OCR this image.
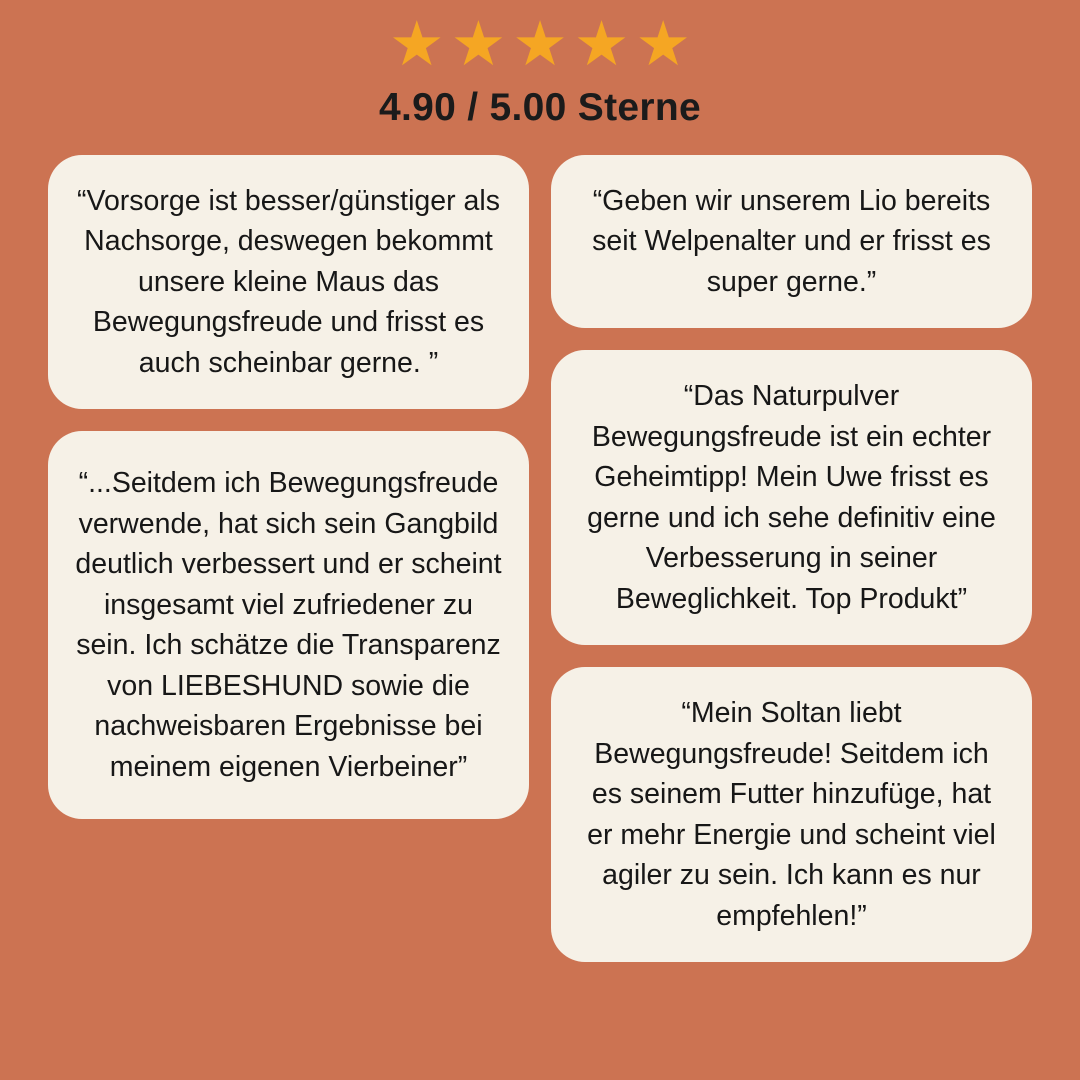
★ ★ ★ ★ ★
4.90 / 5.00 Sterne

“Vorsorge ist besser/günstiger als Nachsorge, deswegen bekommt unsere kleine Maus das Bewegungsfreude und frisst es auch scheinbar gerne. ”

“...Seitdem ich Bewegungsfreude verwende, hat sich sein Gangbild deutlich verbessert und er scheint insgesamt viel zufriedener zu sein. Ich schätze die Transparenz von LIEBESHUND sowie die nachweisbaren Ergebnisse bei meinem eigenen Vierbeiner”

“Geben wir unserem Lio bereits seit Welpenalter und er frisst es super gerne.”

“Das Naturpulver Bewegungsfreude ist ein echter Geheimtipp! Mein Uwe frisst es gerne und ich sehe definitiv eine Verbesserung in seiner Beweglichkeit. Top Produkt”

“Mein Soltan liebt Bewegungsfreude! Seitdem ich es seinem Futter hinzufüge, hat er mehr Energie und scheint viel agiler zu sein. Ich kann es nur empfehlen!”
